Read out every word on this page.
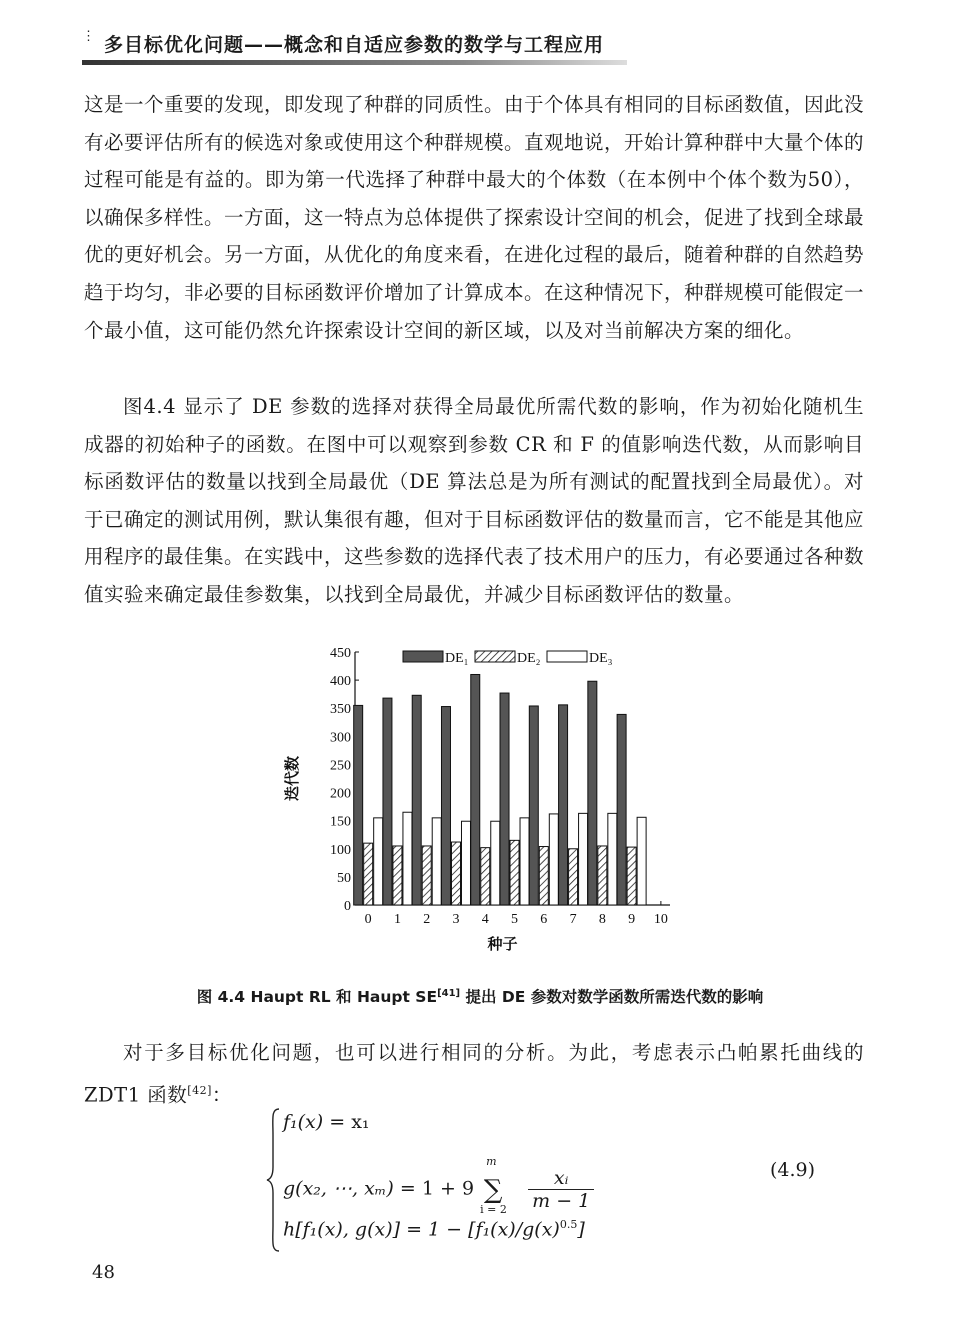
⋮ 多目标优化问题——概念和自适应参数的数学与工程应用

这是一个重要的发现，即发现了种群的同质性。由于个体具有相同的目标函数值，因此没有必要评估所有的候选对象或使用这个种群规模。直观地说，开始计算种群中大量个体的过程可能是有益的。即为第一代选择了种群中最大的个体数（在本例中个体个数为50），以确保多样性。一方面，这一特点为总体提供了探索设计空间的机会，促进了找到全球最优的更好机会。另一方面，从优化的角度来看，在进化过程的最后，随着种群的自然趋势趋于均匀，非必要的目标函数评价增加了计算成本。在这种情况下，种群规模可能假定一个最小值，这可能仍然允许探索设计空间的新区域，以及对当前解决方案的细化。

图4.4 显示了 DE 参数的选择对获得全局最优所需代数的影响，作为初始化随机生成器的初始种子的函数。在图中可以观察到参数 CR 和 F 的值影响迭代数，从而影响目标函数评估的数量以找到全局最优（DE 算法总是为所有测试的配置找到全局最优）。对于已确定的测试用例，默认集很有趣，但对于目标函数评估的数量而言，它不能是其他应用程序的最佳集。在实践中，这些参数的选择代表了技术用户的压力，有必要通过各种数值实验来确定最佳参数集，以找到全局最优，并减少目标函数评估的数量。

0
50
100
150
200
250
300
350
400
450
0 1 2 3 4 5 6 7 8 9 10
迭代数
种子
DE₁	DE₂	DE₃
图 4.4 Haupt RL 和 Haupt SE[41] 提出 DE 参数对数学函数所需迭代数的影响

对于多目标优化问题，也可以进行相同的分析。为此，考虑表示凸帕累托曲线的 ZDT1 函数[42]：

f₁(x) = x₁
g(x₂, ⋯, xₘ) = 1 + 9
m
∑
i = 2
$\frac{\text{xᵢ}}{m - 1}$
h[f₁(x), $g(x)] = 1 - [f_1(x)/g(x)^{0.5}]$
(4.9)
48
